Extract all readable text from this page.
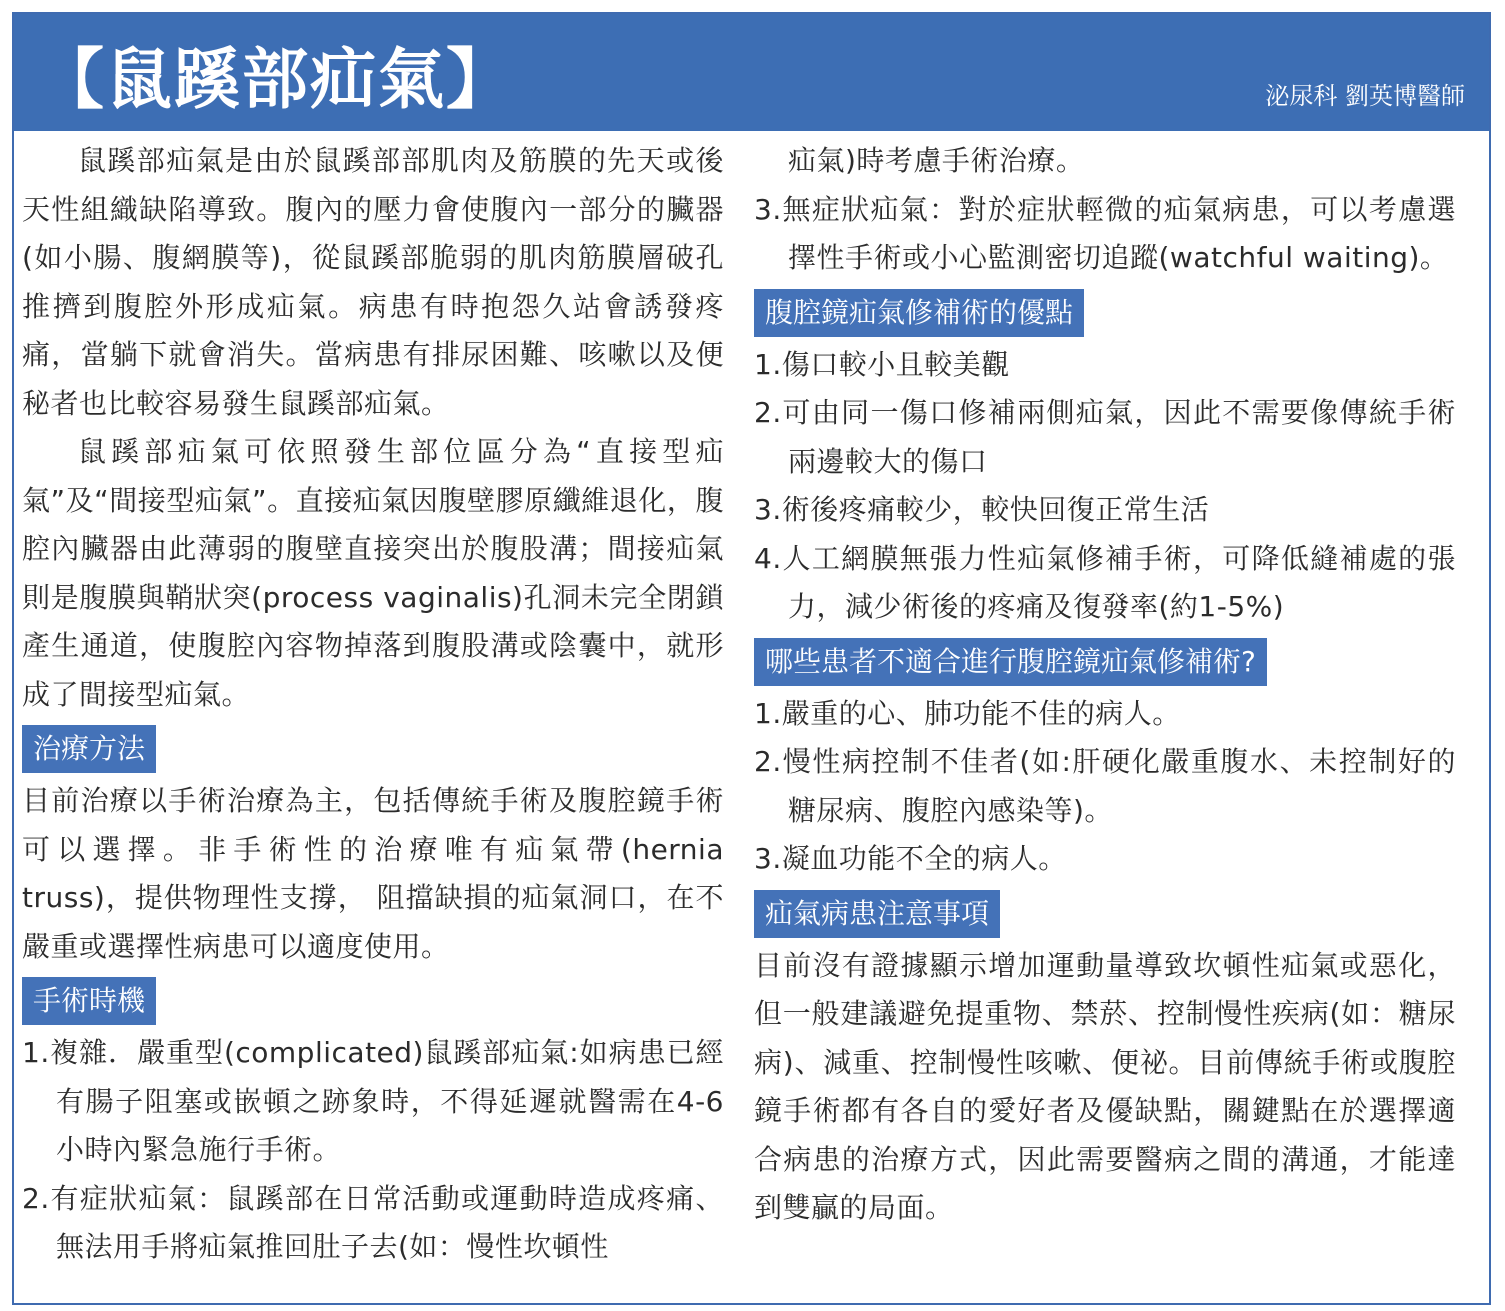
【鼠蹊部疝氣】	泌尿科 劉英博醫師

鼠蹊部疝氣是由於鼠蹊部部肌肉及筋膜的先天或後天性組織缺陷導致。腹內的壓力會使腹內一部分的臟器(如小腸、腹網膜等)，從鼠蹊部脆弱的肌肉筋膜層破孔推擠到腹腔外形成疝氣。病患有時抱怨久站會誘發疼痛，當躺下就會消失。當病患有排尿困難、咳嗽以及便秘者也比較容易發生鼠蹊部疝氣。

鼠蹊部疝氣可依照發生部位區分為“直接型疝氣”及“間接型疝氣”。直接疝氣因腹壁膠原纖維退化，腹腔內臟器由此薄弱的腹壁直接突出於腹股溝；間接疝氣則是腹膜與鞘狀突(process vaginalis)孔洞未完全閉鎖產生通道，使腹腔內容物掉落到腹股溝或陰囊中，就形成了間接型疝氣。

治療方法

目前治療以手術治療為主，包括傳統手術及腹腔鏡手術可以選擇。非手術性的治療唯有疝氣帶(hernia truss)，提供物理性支撐， 阻擋缺損的疝氣洞口，在不嚴重或選擇性病患可以適度使用。

手術時機
1.複雜．嚴重型(complicated)鼠蹊部疝氣:如病患已經有腸子阻塞或嵌頓之跡象時，不得延遲就醫需在4-6小時內緊急施行手術。
2.有症狀疝氣：鼠蹊部在日常活動或運動時造成疼痛、無法用手將疝氣推回肚子去(如：慢性坎頓性
疝氣)時考慮手術治療。
3.無症狀疝氣：對於症狀輕微的疝氣病患，可以考慮選擇性手術或小心監測密切追蹤(watchful waiting)。
腹腔鏡疝氣修補術的優點
1.傷口較小且較美觀
2.可由同一傷口修補兩側疝氣，因此不需要像傳統手術兩邊較大的傷口
3.術後疼痛較少，較快回復正常生活
4.人工網膜無張力性疝氣修補手術，可降低縫補處的張力，減少術後的疼痛及復發率(約1-5%)
哪些患者不適合進行腹腔鏡疝氣修補術?
1.嚴重的心、肺功能不佳的病人。
2.慢性病控制不佳者(如:肝硬化嚴重腹水、未控制好的糖尿病、腹腔內感染等)。
3.凝血功能不全的病人。
疝氣病患注意事項

目前沒有證據顯示增加運動量導致坎頓性疝氣或惡化，但一般建議避免提重物、禁菸、控制慢性疾病(如：糖尿病)、減重、控制慢性咳嗽、便祕。目前傳統手術或腹腔鏡手術都有各自的愛好者及優缺點，關鍵點在於選擇適合病患的治療方式，因此需要醫病之間的溝通，才能達到雙贏的局面。
